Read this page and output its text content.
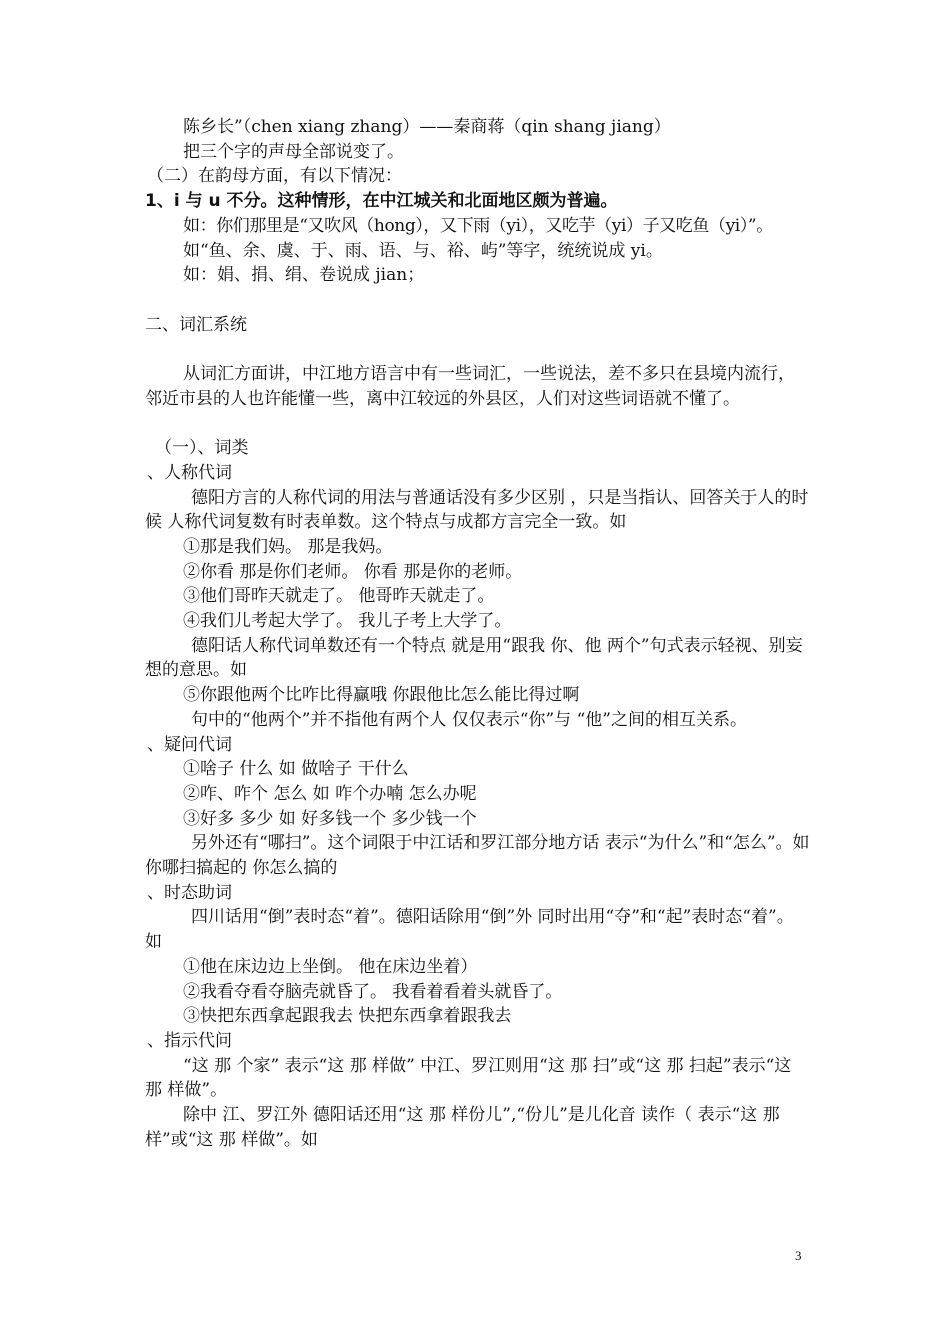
陈乡长”（chen xiang zhang）——秦商蒋（qin shang jiang）
把三个字的声母全部说变了。
（二）在韵母方面，有以下情况：
1、i 与 u 不分。这种情形，在中江城关和北面地区颇为普遍。
如：你们那里是“又吹风（hong），又下雨（yi），又吃芋（yi）子又吃鱼（yi）”。
如“鱼、余、虞、于、雨、语、与、裕、屿”等字，统统说成 yi。
如：娟、捐、绢、卷说成 jian；
二、词汇系统
从词汇方面讲，中江地方语言中有一些词汇，一些说法，差不多只在县境内流行，邻近市县的人也许能懂一些，离中江较远的外县区，人们对这些词语就不懂了。
（一）、词类
、人称代词
德阳方言的人称代词的用法与普通话没有多少区别 ，只是当指认、回答关于人的时候 人称代词复数有时表单数。这个特点与成都方言完全一致。如
①那是我们妈。 那是我妈。
②你看 那是你们老师。 你看 那是你的老师。
③他们哥昨天就走了。 他哥昨天就走了。
④我们儿考起大学了。 我儿子考上大学了。
德阳话人称代词单数还有一个特点 就是用“跟我 你、他 两个”句式表示轻视、别妄想的意思。如
⑤你跟他两个比咋比得赢哦 你跟他比怎么能比得过啊
句中的“他两个”并不指他有两个人 仅仅表示“你”与 “他”之间的相互关系。
、疑问代词
①啥子 什么 如 做啥子 干什么
②咋、咋个 怎么 如 咋个办喃 怎么办呢
③好多 多少 如 好多钱一个 多少钱一个
另外还有“哪扫”。这个词限于中江话和罗江部分地方话 表示“为什么”和“怎么”。如 你哪扫搞起的 你怎么搞的
、时态助词
四川话用“倒”表时态“着”。德阳话除用“倒”外 同时出用“夺”和“起”表时态“着”。如
①他在床边边上坐倒。 他在床边坐着）
②我看夺看夺脑壳就昏了。 我看着看着头就昏了。
③快把东西拿起跟我去 快把东西拿着跟我去
、指示代问
“这 那 个家” 表示“这 那 样做” 中江、罗江则用“这 那 扫”或“这 那 扫起”表示“这 那 样做”。
除中 江、罗江外 德阳话还用“这 那 样份儿”,“份儿”是儿化音 读作（ 表示“这 那 样”或“这 那 样做”。如
3
